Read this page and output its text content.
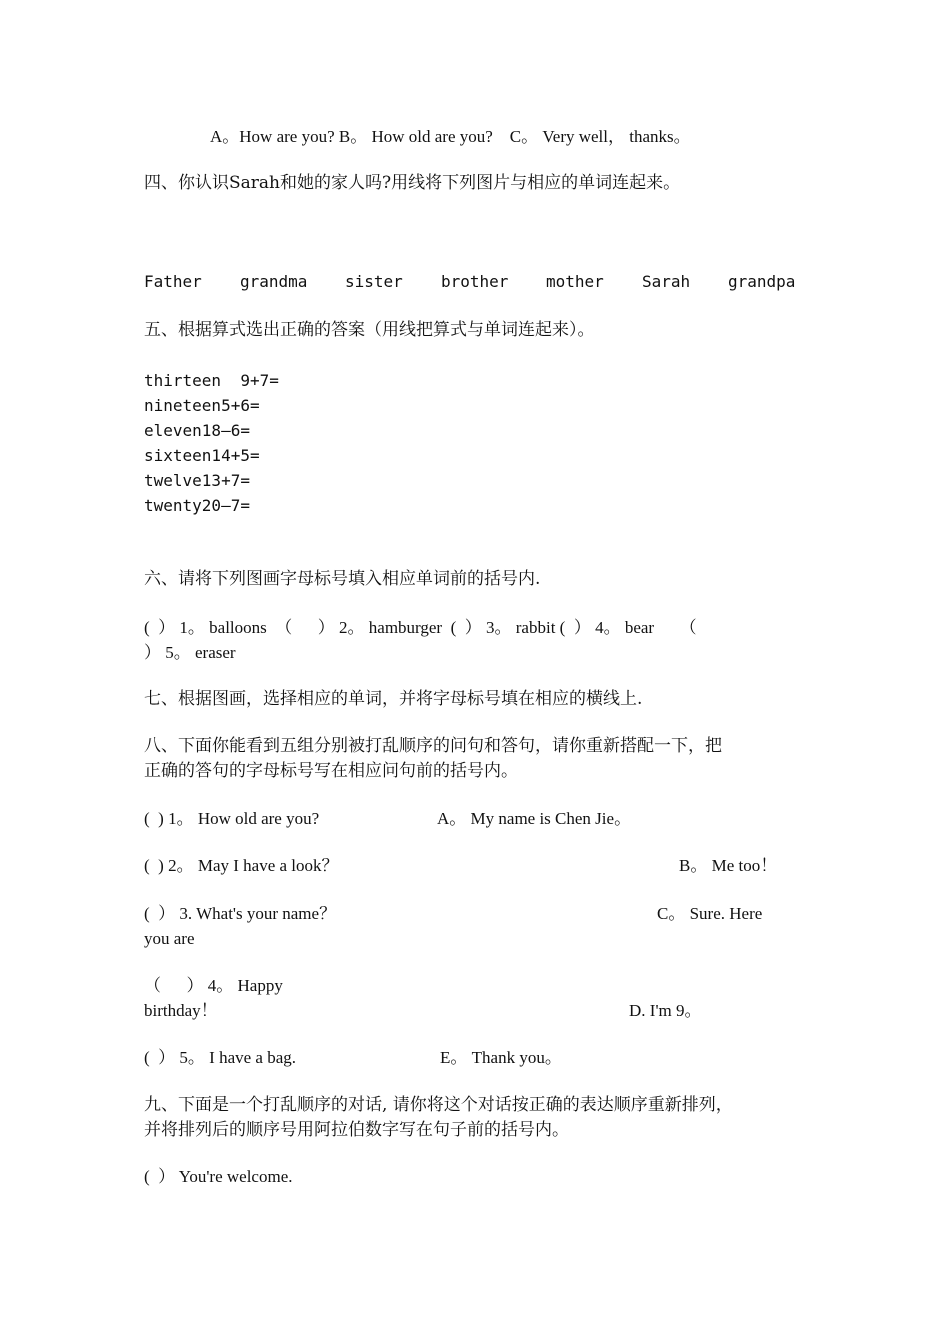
A。How are you? B。 How old are you?    C。 Very well， thanks。
四、你认识Sarah和她的家人吗?用线将下列图片与相应的单词连起来。
Father grandma sister brother mother Sarah grandpa
五、根据算式选出正确的答案（用线把算式与单词连起来）。
thirteen  9+7=
nineteen5+6=
eleven18—6=
sixteen14+5=
twelve13+7=
twenty20—7=
六、请将下列图画字母标号填入相应单词前的括号内.
(  ） 1。 balloons  （      ） 2。 hamburger  (  ） 3。 rabbit (  ） 4。 bear      （
） 5。 eraser
七、根据图画，选择相应的单词，并将字母标号填在相应的横线上.
八、下面你能看到五组分别被打乱顺序的问句和答句，请你重新搭配一下，把
正确的答句的字母标号写在相应问句前的括号内。
(  ) 1。 How old are you?	A。 My name is Chen Jie。
(  ) 2。 May I have a look？	B。 Me too！
(  ） 3. What's your name？	C。 Sure. Here
you are
（      ） 4。 Happy
birthday！	D. I'm 9。
(  ） 5。 I have a bag.	E。 Thank you。
九、下面是一个打乱顺序的对话, 请你将这个对话按正确的表达顺序重新排列，
并将排列后的顺序号用阿拉伯数字写在句子前的括号内。
(  ） You're welcome.
